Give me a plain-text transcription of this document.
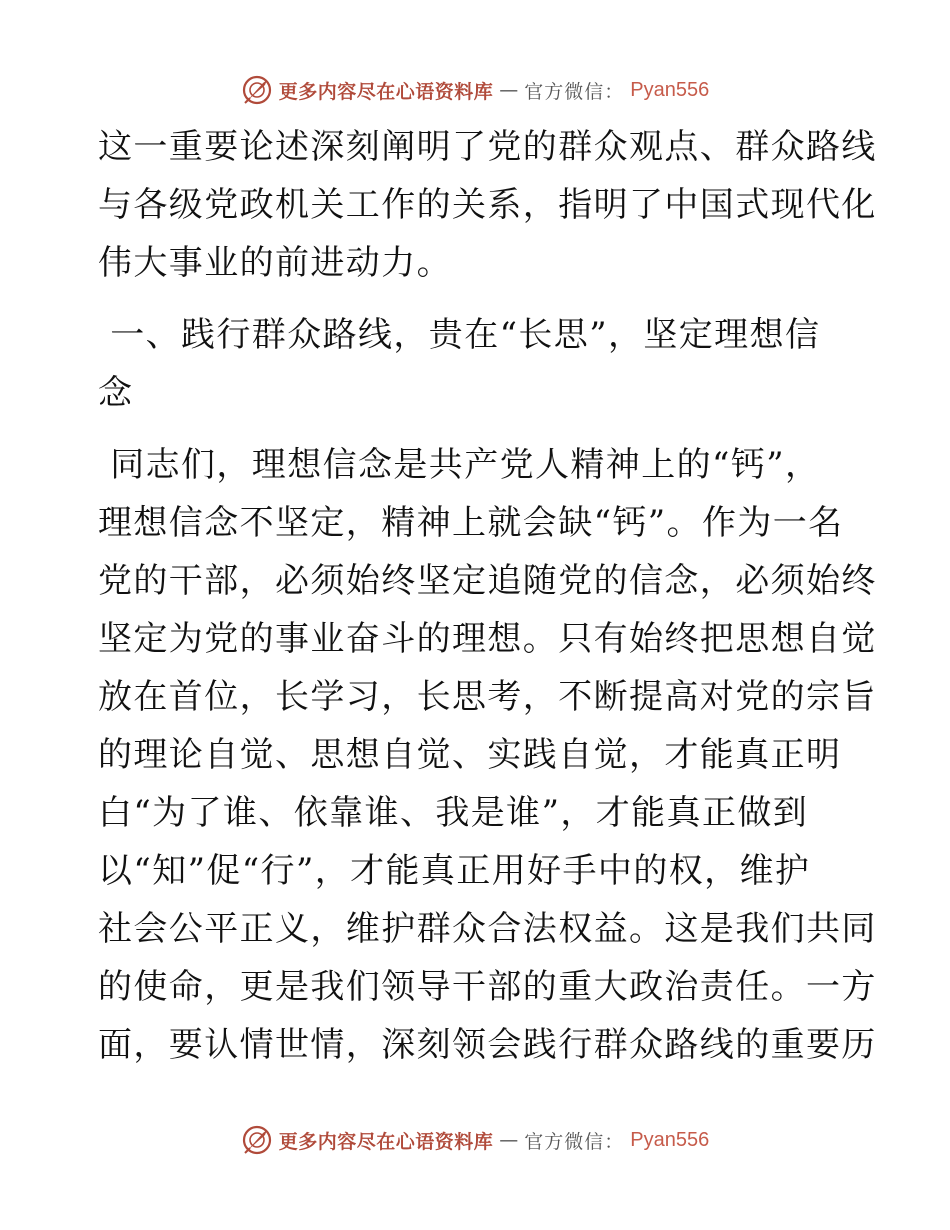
更多内容尽在心语资料库 — 官方微信： Pyan556
这一重要论述深刻阐明了党的群众观点、群众路线
与各级党政机关工作的关系，指明了中国式现代化
伟大事业的前进动力。
一、践行群众路线，贵在“长思”，坚定理想信
念
同志们，理想信念是共产党人精神上的“钙”，
理想信念不坚定，精神上就会缺“钙”。作为一名
党的干部，必须始终坚定追随党的信念，必须始终
坚定为党的事业奋斗的理想。只有始终把思想自觉
放在首位，长学习，长思考，不断提高对党的宗旨
的理论自觉、思想自觉、实践自觉，才能真正明
白“为了谁、依靠谁、我是谁”，才能真正做到
以“知”促“行”，才能真正用好手中的权，维护
社会公平正义，维护群众合法权益。这是我们共同
的使命，更是我们领导干部的重大政治责任。一方
面，要认情世情，深刻领会践行群众路线的重要历
更多内容尽在心语资料库 — 官方微信： Pyan556
